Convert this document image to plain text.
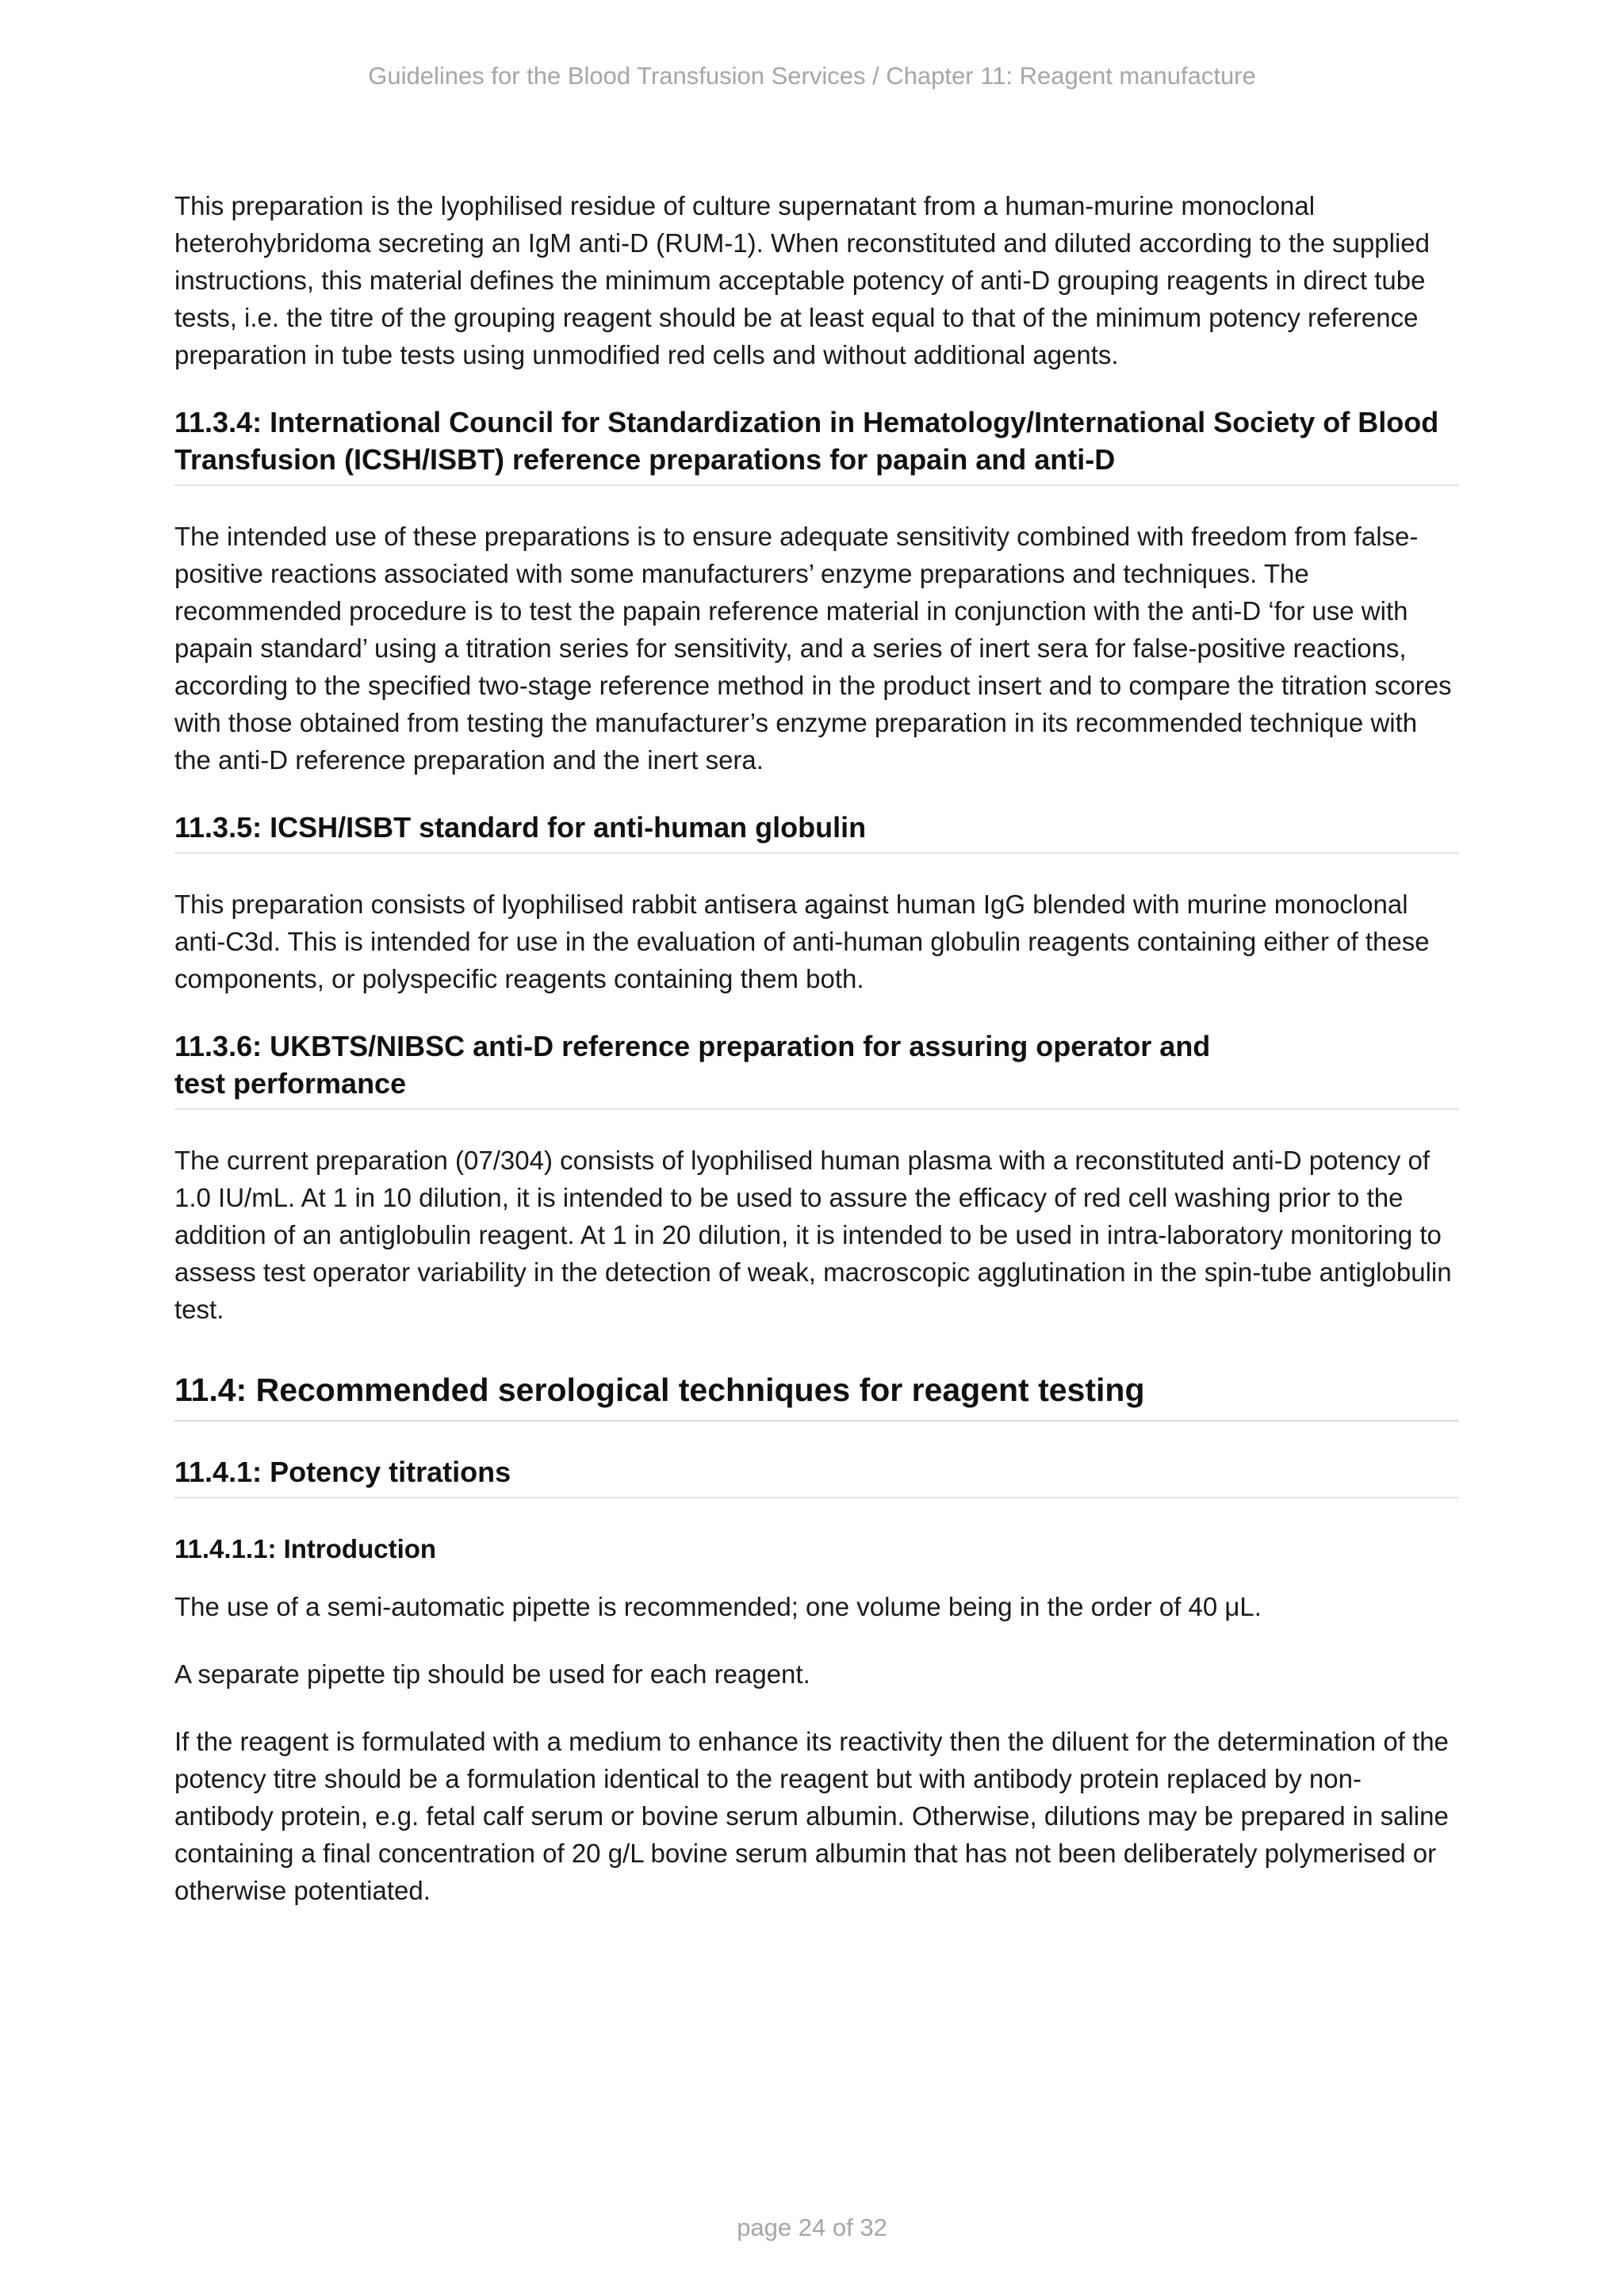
Guidelines for the Blood Transfusion Services / Chapter 11: Reagent manufacture

This preparation is the lyophilised residue of culture supernatant from a human-murine monoclonal heterohybridoma secreting an IgM anti-D (RUM-1). When reconstituted and diluted according to the supplied instructions, this material defines the minimum acceptable potency of anti-D grouping reagents in direct tube tests, i.e. the titre of the grouping reagent should be at least equal to that of the minimum potency reference preparation in tube tests using unmodified red cells and without additional agents.

11.3.4: International Council for Standardization in Hematology/International Society of Blood Transfusion (ICSH/ISBT) reference preparations for papain and anti-D

The intended use of these preparations is to ensure adequate sensitivity combined with freedom from false-positive reactions associated with some manufacturers’ enzyme preparations and techniques. The recommended procedure is to test the papain reference material in conjunction with the anti-D ‘for use with papain standard’ using a titration series for sensitivity, and a series of inert sera for false-positive reactions, according to the specified two-stage reference method in the product insert and to compare the titration scores with those obtained from testing the manufacturer’s enzyme preparation in its recommended technique with the anti-D reference preparation and the inert sera.

11.3.5: ICSH/ISBT standard for anti-human globulin

This preparation consists of lyophilised rabbit antisera against human IgG blended with murine monoclonal anti-C3d. This is intended for use in the evaluation of anti-human globulin reagents containing either of these components, or polyspecific reagents containing them both.

11.3.6: UKBTS/NIBSC anti-D reference preparation for assuring operator and
test performance

The current preparation (07/304) consists of lyophilised human plasma with a reconstituted anti-D potency of 1.0 IU/mL. At 1 in 10 dilution, it is intended to be used to assure the efficacy of red cell washing prior to the addition of an antiglobulin reagent. At 1 in 20 dilution, it is intended to be used in intra-laboratory monitoring to assess test operator variability in the detection of weak, macroscopic agglutination in the spin-tube antiglobulin test.

11.4: Recommended serological techniques for reagent testing
11.4.1: Potency titrations
11.4.1.1: Introduction

The use of a semi-automatic pipette is recommended; one volume being in the order of 40 μL.

A separate pipette tip should be used for each reagent.

If the reagent is formulated with a medium to enhance its reactivity then the diluent for the determination of the potency titre should be a formulation identical to the reagent but with antibody protein replaced by non-antibody protein, e.g. fetal calf serum or bovine serum albumin. Otherwise, dilutions may be prepared in saline containing a final concentration of 20 g/L bovine serum albumin that has not been deliberately polymerised or otherwise potentiated.

page 24 of 32
